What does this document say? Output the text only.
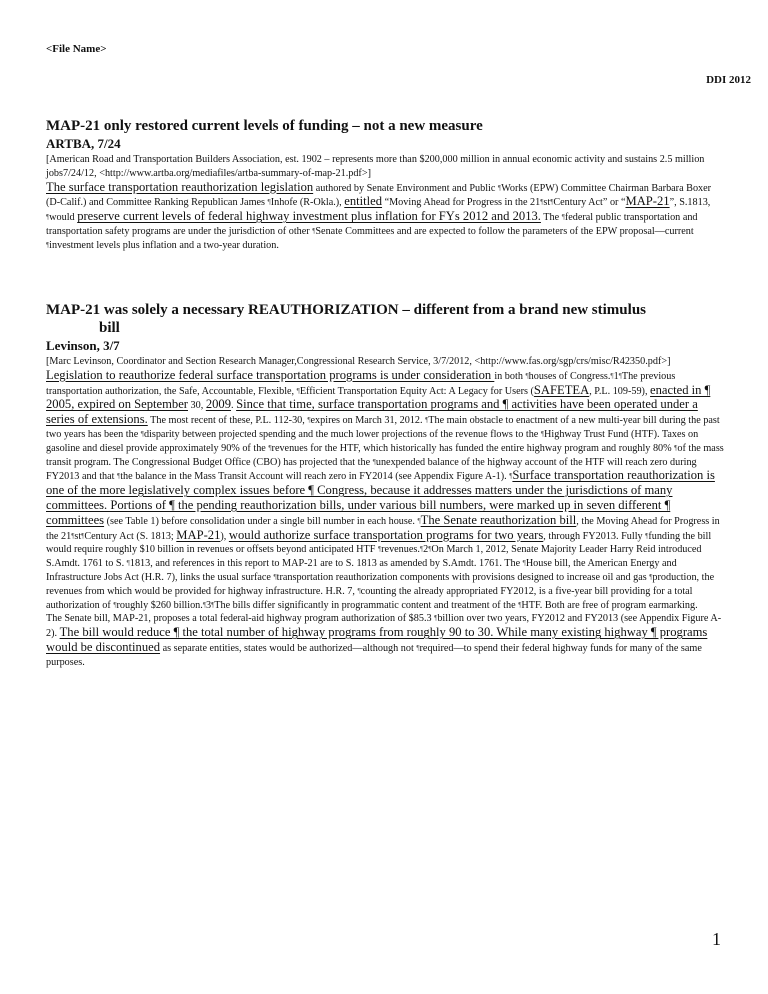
<File Name>
DDI 2012

MAP-21 only restored current levels of funding – not a new measure

ARTBA, 7/24

[American Road and Transportation Builders Association, est. 1902 – represents more than $200,000 million in annual economic activity and sustains 2.5 million jobs7/24/12, <http://www.artba.org/mediafiles/artba-summary-of-map-21.pdf>]

The surface transportation reauthorization legislation authored by Senate Environment and Public ¶Works (EPW) Committee Chairman Barbara Boxer (D-Calif.) and Committee Ranking Republican James ¶Inhofe (R-Okla.), entitled “Moving Ahead for Progress in the 21¶st¶Century Act” or “MAP-21”, S.1813, ¶would preserve current levels of federal highway investment plus inflation for FYs 2012 and 2013. The ¶federal public transportation and transportation safety programs are under the jurisdiction of other ¶Senate Committees and are expected to follow the parameters of the EPW proposal—current ¶investment levels plus inflation and a two-year duration.

MAP-21 was solely a necessary REAUTHORIZATION – different from a brand new stimulus
bill

Levinson, 3/7

[Marc Levinson, Coordinator and Section Research Manager,Congressional Research Service, 3/7/2012, <http://www.fas.org/sgp/crs/misc/R42350.pdf>]

Legislation to reauthorize federal surface transportation programs is under consideration in both ¶houses of Congress.¶1¶The previous transportation authorization, the Safe, Accountable, Flexible, ¶Efficient Transportation Equity Act: A Legacy for Users (SAFETEA, P.L. 109-59), enacted in ¶ 2005, expired on September 30, 2009. Since that time, surface transportation programs and ¶ activities have been operated under a series of extensions. The most recent of these, P.L. 112-30, ¶expires on March 31, 2012. ¶The main obstacle to enactment of a new multi-year bill during the past two years has been the ¶disparity between projected spending and the much lower projections of the revenue flows to the ¶Highway Trust Fund (HTF). Taxes on gasoline and diesel provide approximately 90% of the ¶revenues for the HTF, which historically has funded the entire highway program and roughly 80% ¶of the mass transit program. The Congressional Budget Office (CBO) has projected that the ¶unexpended balance of the highway account of the HTF will reach zero during FY2013 and that ¶the balance in the Mass Transit Account will reach zero in FY2014 (see Appendix Figure A-1). ¶Surface transportation reauthorization is one of the more legislatively complex issues before ¶ Congress, because it addresses matters under the jurisdictions of many committees. Portions of ¶ the pending reauthorization bills, under various bill numbers, were marked up in seven different ¶ committees (see Table 1) before consolidation under a single bill number in each house. ¶The Senate reauthorization bill, the Moving Ahead for Progress in the 21¶st¶Century Act (S. 1813; MAP-21), would authorize surface transportation programs for two years, through FY2013. Fully ¶funding the bill would require roughly $10 billion in revenues or offsets beyond anticipated HTF ¶revenues.¶2¶On March 1, 2012, Senate Majority Leader Harry Reid introduced S.Amdt. 1761 to S. ¶1813, and references in this report to MAP-21 are to S. 1813 as amended by S.Amdt. 1761. The ¶House bill, the American Energy and Infrastructure Jobs Act (H.R. 7), links the usual surface ¶transportation reauthorization components with provisions designed to increase oil and gas ¶production, the revenues from which would be provided for highway infrastructure. H.R. 7, ¶counting the already appropriated FY2012, is a five-year bill providing for a total authorization of ¶roughly $260 billion.¶3¶The bills differ significantly in programmatic content and treatment of the ¶HTF. Both are free of program earmarking.

The Senate bill, MAP-21, proposes a total federal-aid highway program authorization of $85.3 ¶billion over two years, FY2012 and FY2013 (see Appendix Figure A-2). The bill would reduce ¶ the total number of highway programs from roughly 90 to 30. While many existing highway ¶ programs would be discontinued as separate entities, states would be authorized—although not ¶required—to spend their federal highway funds for many of the same purposes.

1
